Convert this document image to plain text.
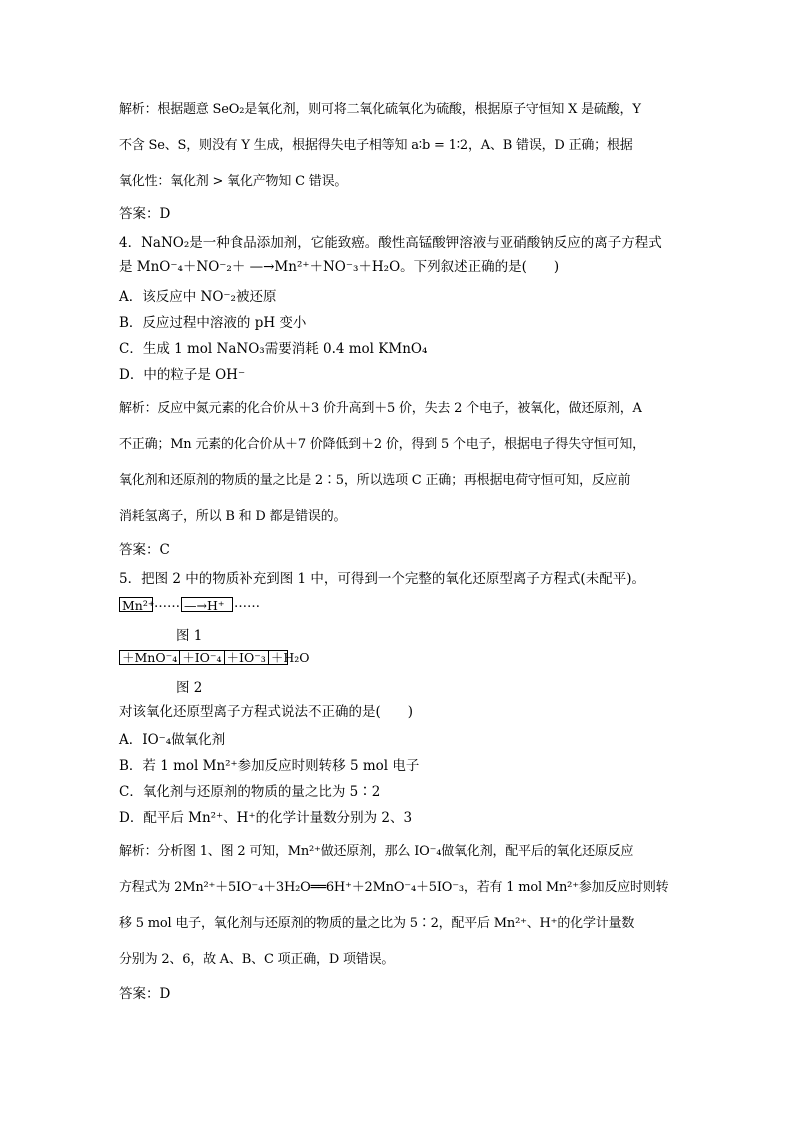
解析：根据题意 SeO₂是氧化剂，则可将二氧化硫氧化为硫酸，根据原子守恒知 X 是硫酸，Y
不含 Se、S，则没有 Y 生成，根据得失电子相等知 a∶b = 1∶2，A、B 错误，D 正确；根据
氧化性：氧化剂 > 氧化产物知 C 错误。
答案：D
4．NaNO₂是一种食品添加剂，它能致癌。酸性高锰酸钾溶液与亚硝酸钠反应的离子方程式
是 MnO⁻₄＋NO⁻₂＋ —→Mn²⁺＋NO⁻₃＋H₂O。下列叙述正确的是(　　)
A．该反应中 NO⁻₂被还原
B．反应过程中溶液的 pH 变小
C．生成 1 mol NaNO₃需要消耗 0.4 mol KMnO₄
D．中的粒子是 OH⁻
解析：反应中氮元素的化合价从＋3 价升高到＋5 价，失去 2 个电子，被氧化，做还原剂，A
不正确；Mn 元素的化合价从＋7 价降低到＋2 价，得到 5 个电子，根据电子得失守恒可知，
氧化剂和还原剂的物质的量之比是 2∶5，所以选项 C 正确；再根据电荷守恒可知，反应前
消耗氢离子，所以 B 和 D 都是错误的。
答案：C
5．把图 2 中的物质补充到图 1 中，可得到一个完整的氧化还原型离子方程式(未配平)。
Mn²⁺ …… —→H⁺ ……
图 1
＋MnO⁻₄ ＋IO⁻₄ ＋IO⁻₃ ＋H₂O
图 2
对该氧化还原型离子方程式说法不正确的是(　　)
A．IO⁻₄做氧化剂
B．若 1 mol Mn²⁺参加反应时则转移 5 mol 电子
C．氧化剂与还原剂的物质的量之比为 5∶2
D．配平后 Mn²⁺、H⁺的化学计量数分别为 2、3
解析：分析图 1、图 2 可知，Mn²⁺做还原剂，那么 IO⁻₄做氧化剂，配平后的氧化还原反应
方程式为 2Mn²⁺＋5IO⁻₄＋3H₂O══6H⁺＋2MnO⁻₄＋5IO⁻₃，若有 1 mol Mn²⁺参加反应时则转
移 5 mol 电子，氧化剂与还原剂的物质的量之比为 5∶2，配平后 Mn²⁺、H⁺的化学计量数
分别为 2、6，故 A、B、C 项正确，D 项错误。
答案：D
